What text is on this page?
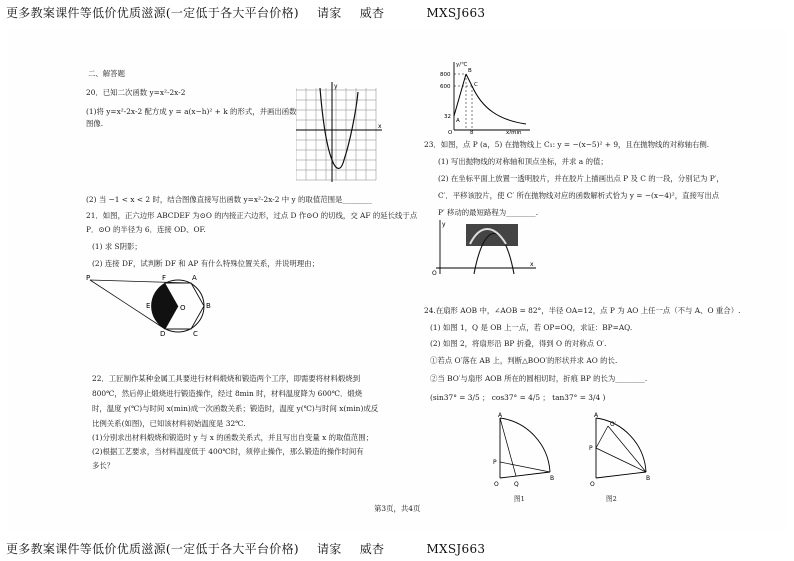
更多教案课件等低价优质滋源(一定低于各大平台价格) 请家 威杏	MXSJ663
二、解答题
20．已知二次函数 y=x²-2x-2
(1)将 y=x²-2x-2 配方成 y = a(x−h)² + k 的形式，并画出函数
图像.	x
y
(2) 当 −1 < x < 2 时，结合图像直接写出函数 y=x²-2x-2 中 y 的取值范围是________
21．如图，正六边形 ABCDEF 为⊙O 的内接正六边形，过点 D 作⊙O 的切线，交 AF 的延长线于点
P．⊙O 的半径为 6．连接 OD、OF.
(1) 求 S阴影；
(2) 连接 DF，试判断 DF 和 AP 有什么特殊位置关系，并说明理由；
P	F	A
E	B
D	C
O
22．工匠制作某种金属工具要进行材料煅烧和锻造两个工序，即需要将材料煅烧到
800℃，然后停止煅烧进行锻造操作，经过 8min 时，材料温度降为 600℃．煅烧
时，温度 y(℃)与时间 x(min)成一次函数关系；锻造时，温度 y(℃)与时间 x(min)成反
比例关系(如图)，已知该材料初始温度是 32℃.
(1)分别求出材料煅烧和锻造时 y 与 x 的函数关系式，并且写出自变量 x 的取值范围；
(2)根据工艺要求，当材料温度低于 400℃时，须停止操作，那么锻造的操作时间有
多长？
y/℃
x/min
800
600
32
B
C
A
O	8
23．如图，点 P (a，5) 在抛物线上 C₁: y = −(x−5)² + 9，且在抛物线的对称轴右侧.
(1) 写出抛物线的对称轴和顶点坐标，并求 a 的值；
(2) 在坐标平面上放置一透明胶片，并在胶片上描画出点 P 及 C 的一段，分别记为 P′，
C′．平移该胶片，使 C′ 所在抛物线对应的函数解析式恰为 y = −(x−4)²，直接写出点
P′ 移动的最短路程为________.
y
x
O
24.在扇形 AOB 中，∠AOB = 82°，半径 OA=12，点 P 为 AO 上任一点（不与 A、O 重合）.
(1) 如图 1，Q 是 OB 上一点，若 OP=OQ，求证：BP=AQ.
(2) 如图 2，将扇形沿 BP 折叠，得到 O 的对称点 O′.
①若点 O′落在 AB 上，判断△BOO′的形状并求 AO 的长.
②当 BO′与扇形 AOB 所在的圆相切时，折痕 BP 的长为________.
(sin37° = 3/5 ； cos37° = 4/5 ； tan37° = 3/4 )
A
B
O
P
Q
图1
A
B
O
P
O′
图2
第3页，共4页
更多教案课件等低价优质滋源(一定低于各大平台价格) 请家 威杏	MXSJ663
